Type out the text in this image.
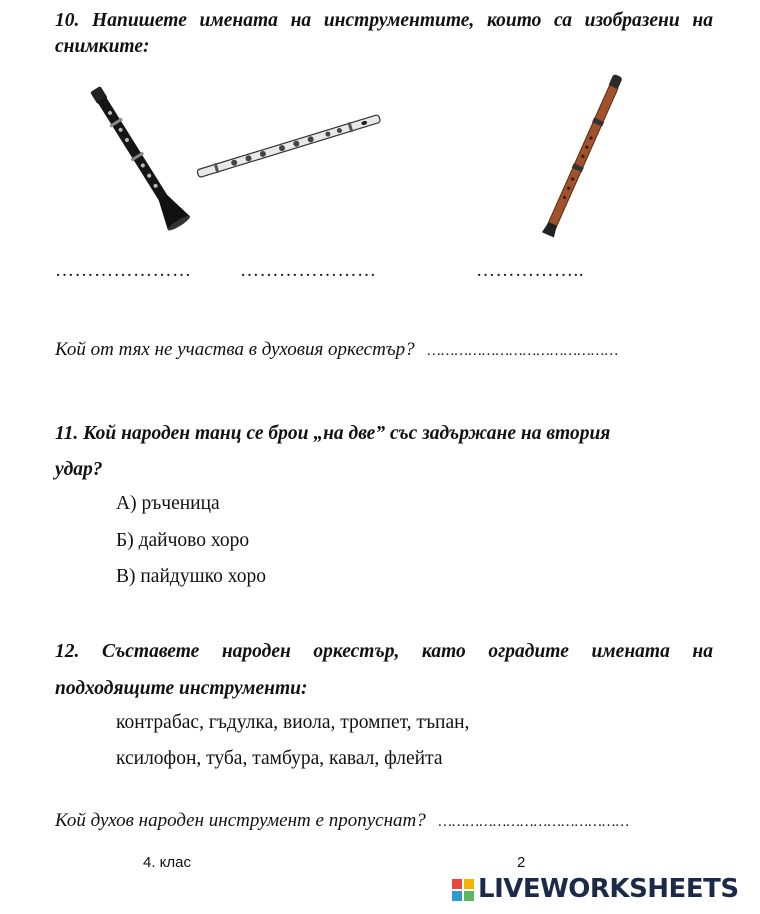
10. Напишете имената на инструментите, които са изобразени на снимките:
…………………	…………………	……………..
Кой от тях не участва в духовия оркестър? ……………………………………
11. Кой народен танц се брои „на две” със задържане на втория
удар?
А) ръченица
Б) дайчово хоро
В) пайдушко хоро
12. Съставете народен оркестър, като оградите имената на
подходящите инструменти:
контрабас, гъдулка, виола, тромпет, тъпан,
ксилофон, туба, тамбура, кавал, флейта
Кой духов народен инструмент е пропуснат? ……………………………………
4. клас	2
LIVEWORKSHEETS
